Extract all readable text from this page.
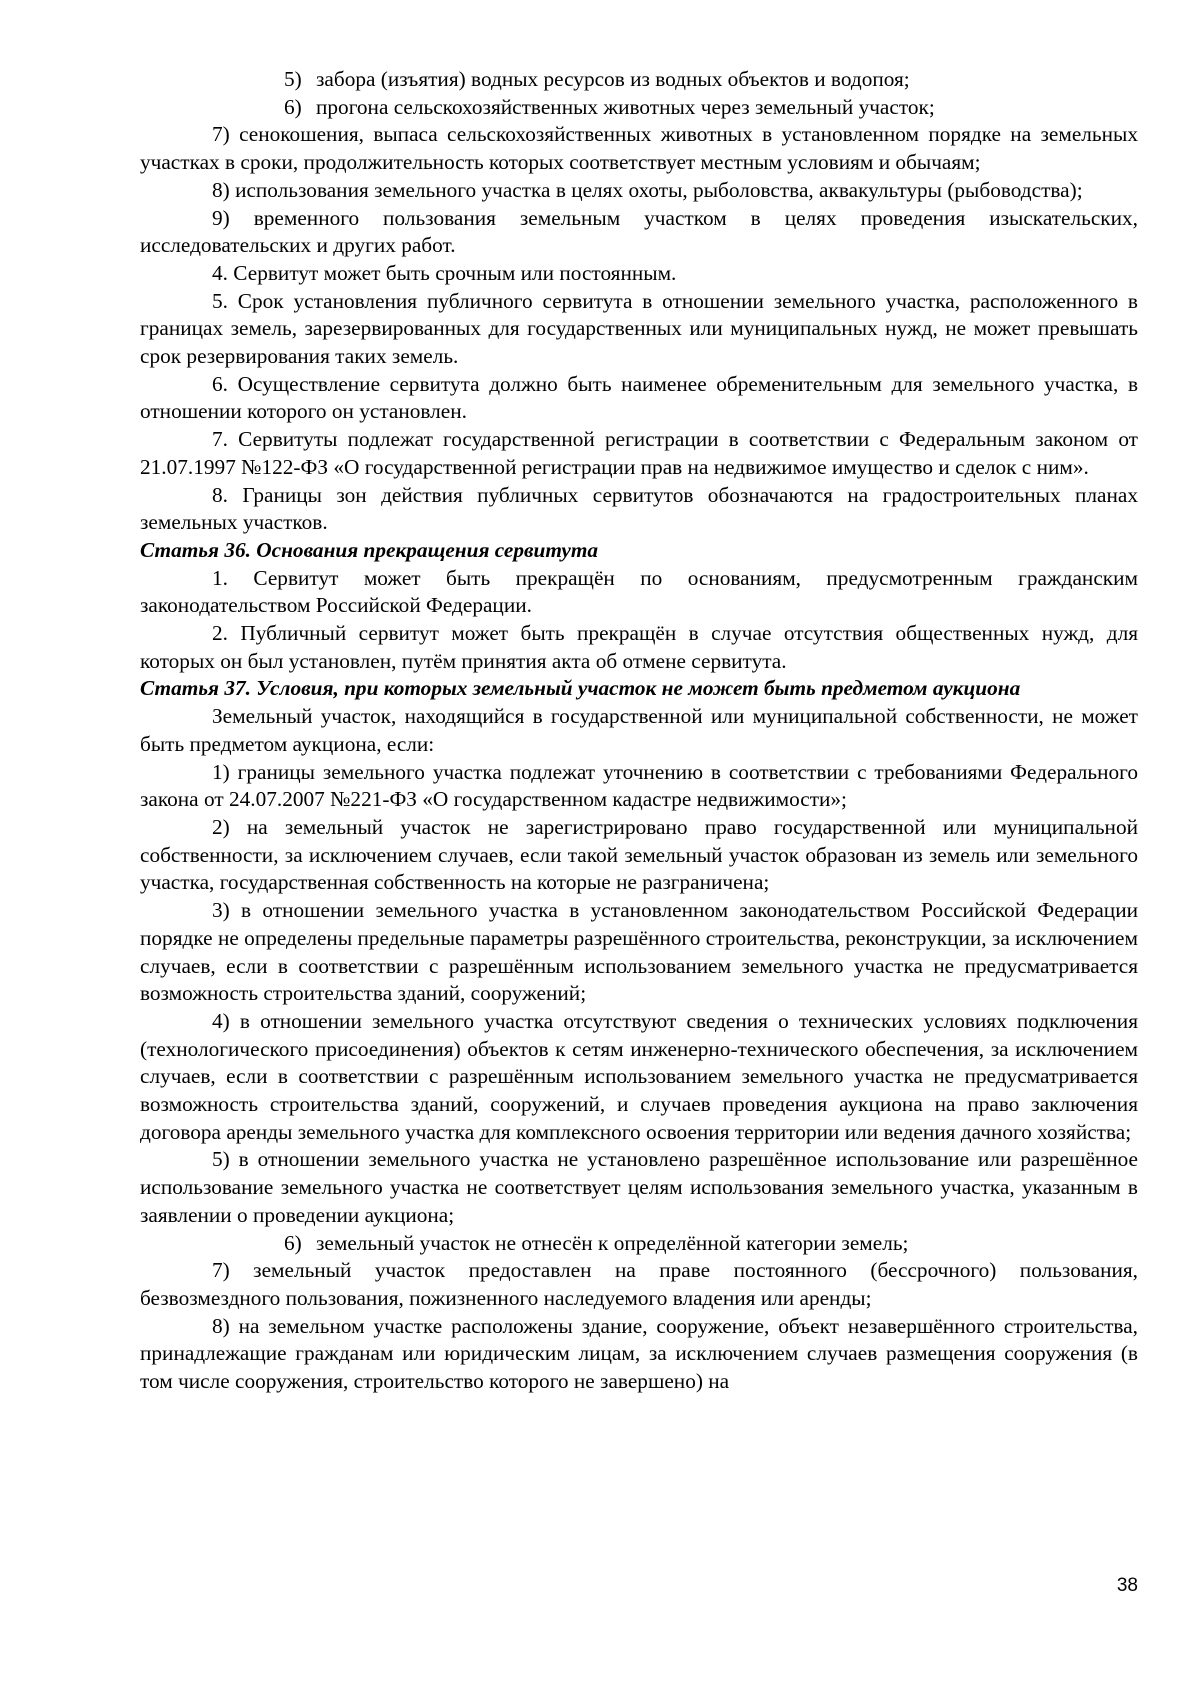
5) забора (изъятия) водных ресурсов из водных объектов и водопоя;

6) прогона сельскохозяйственных животных через земельный участок;

7) сенокошения, выпаса сельскохозяйственных животных в установленном порядке на земельных участках в сроки, продолжительность которых соответствует местным условиям и обычаям;

8) использования земельного участка в целях охоты, рыболовства, аквакультуры (рыбоводства);

9) временного пользования земельным участком в целях проведения изыскательских, исследовательских и других работ.

4. Сервитут может быть срочным или постоянным.

5. Срок установления публичного сервитута в отношении земельного участка, расположенного в границах земель, зарезервированных для государственных или муниципальных нужд, не может превышать срок резервирования таких земель.

6. Осуществление сервитута должно быть наименее обременительным для земельного участка, в отношении которого он установлен.

7. Сервитуты подлежат государственной регистрации в соответствии с Федеральным законом от 21.07.1997 №122-ФЗ «О государственной регистрации прав на недвижимое имущество и сделок с ним».

8. Границы зон действия публичных сервитутов обозначаются на градостроительных планах земельных участков.

Статья 36. Основания прекращения сервитута

1. Сервитут может быть прекращён по основаниям, предусмотренным гражданским законодательством Российской Федерации.

2. Публичный сервитут может быть прекращён в случае отсутствия общественных нужд, для которых он был установлен, путём принятия акта об отмене сервитута.

Статья 37. Условия, при которых земельный участок не может быть предметом аукциона

Земельный участок, находящийся в государственной или муниципальной собственности, не может быть предметом аукциона, если:

1) границы земельного участка подлежат уточнению в соответствии с требованиями Федерального закона от 24.07.2007 №221-ФЗ «О государственном кадастре недвижимости»;

2) на земельный участок не зарегистрировано право государственной или муниципальной собственности, за исключением случаев, если такой земельный участок образован из земель или земельного участка, государственная собственность на которые не разграничена;

3) в отношении земельного участка в установленном законодательством Российской Федерации порядке не определены предельные параметры разрешённого строительства, реконструкции, за исключением случаев, если в соответствии с разрешённым использованием земельного участка не предусматривается возможность строительства зданий, сооружений;

4) в отношении земельного участка отсутствуют сведения о технических условиях подключения (технологического присоединения) объектов к сетям инженерно-технического обеспечения, за исключением случаев, если в соответствии с разрешённым использованием земельного участка не предусматривается возможность строительства зданий, сооружений, и случаев проведения аукциона на право заключения договора аренды земельного участка для комплексного освоения территории или ведения дачного хозяйства;

5) в отношении земельного участка не установлено разрешённое использование или разрешённое использование земельного участка не соответствует целям использования земельного участка, указанным в заявлении о проведении аукциона;

6) земельный участок не отнесён к определённой категории земель;

7) земельный участок предоставлен на праве постоянного (бессрочного) пользования, безвозмездного пользования, пожизненного наследуемого владения или аренды;

8) на земельном участке расположены здание, сооружение, объект незавершённого строительства, принадлежащие гражданам или юридическим лицам, за исключением случаев размещения сооружения (в том числе сооружения, строительство которого не завершено) на

38
